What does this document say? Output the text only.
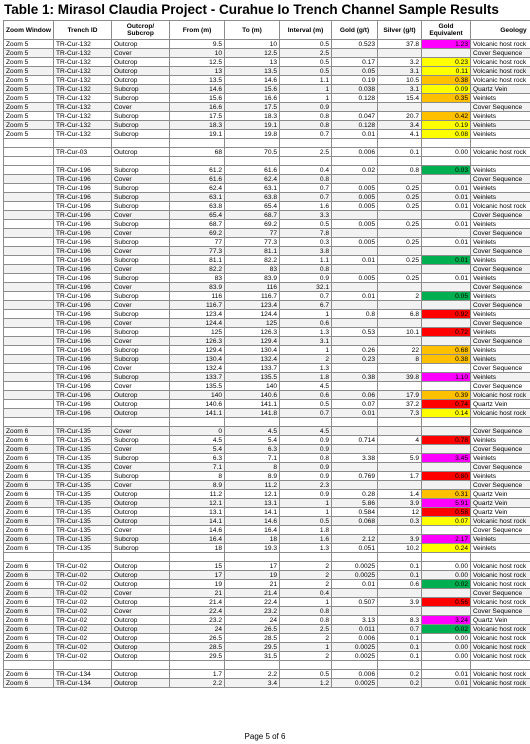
Table 1: Mirasol Claudia Project - Curahue Io Trench Channel Sample Results
Zoom Window	Trench ID	Outcrop/ Subcrop	From (m)	To (m)	Interval (m)	Gold (g/t)	Silver (g/t)	Gold Equivalent	Geology
Zoom 5	TR-Cur-132	Outcrop	9.5	10	0.5	0.523	37.8	1.23	Volcanic host rock
Zoom 5	TR-Cur-132	Cover	10	12.5	2.5				Cover Sequence
Zoom 5	TR-Cur-132	Outcrop	12.5	13	0.5	0.17	3.2	0.23	Volcanic host rock
Zoom 5	TR-Cur-132	Outcrop	13	13.5	0.5	0.05	3.1	0.11	Volcanic host rock
Zoom 5	TR-Cur-132	Outcrop	13.5	14.6	1.1	0.19	10.5	0.38	Volcanic host rock
Zoom 5	TR-Cur-132	Subcrop	14.6	15.6	1	0.038	3.1	0.09	Quartz Vein
Zoom 5	TR-Cur-132	Subcrop	15.6	16.6	1	0.128	15.4	0.35	Veinlets
Zoom 5	TR-Cur-132	Cover	16.6	17.5	0.9				Cover Sequence
Zoom 5	TR-Cur-132	Subcrop	17.5	18.3	0.8	0.047	20.7	0.42	Veinlets
Zoom 5	TR-Cur-132	Subcrop	18.3	19.1	0.8	0.128	3.4	0.19	Veinlets
Zoom 5	TR-Cur-132	Subcrop	19.1	19.8	0.7	0.01	4.1	0.08	Veinlets

	TR-Cur-03	Outcrop	68	70.5	2.5	0.006	0.1	0.00	Volcanic host rock

	TR-Cur-196	Subcrop	61.2	61.6	0.4	0.02	0.8	0.03	Veinlets
	TR-Cur-196	Cover	61.6	62.4	0.8				Cover Sequence
	TR-Cur-196	Subcrop	62.4	63.1	0.7	0.005	0.25	0.01	Veinlets
	TR-Cur-196	Subcrop	63.1	63.8	0.7	0.005	0.25	0.01	Veinlets
	TR-Cur-196	Subcrop	63.8	65.4	1.6	0.005	0.25	0.01	Volcanic host rock
	TR-Cur-196	Cover	65.4	68.7	3.3				Cover Sequence
	TR-Cur-196	Subcrop	68.7	69.2	0.5	0.005	0.25	0.01	Veinlets
	TR-Cur-196	Cover	69.2	77	7.8				Cover Sequence
	TR-Cur-196	Subcrop	77	77.3	0.3	0.005	0.25	0.01	Veinlets
	TR-Cur-196	Cover	77.3	81.1	3.8				Cover Sequence
	TR-Cur-196	Subcrop	81.1	82.2	1.1	0.01	0.25	0.01	Veinlets
	TR-Cur-196	Cover	82.2	83	0.8				Cover Sequence
	TR-Cur-196	Subcrop	83	83.9	0.9	0.005	0.25	0.01	Veinlets
	TR-Cur-196	Cover	83.9	116	32.1				Cover Sequence
	TR-Cur-196	Subcrop	116	116.7	0.7	0.01	2	0.05	Veinlets
	TR-Cur-196	Cover	116.7	123.4	6.7				Cover Sequence
	TR-Cur-196	Subcrop	123.4	124.4	1	0.8	6.8	0.92	Veinlets
	TR-Cur-196	Cover	124.4	125	0.6				Cover Sequence
	TR-Cur-196	Subcrop	125	126.3	1.3	0.53	10.1	0.72	Veinlets
	TR-Cur-196	Cover	126.3	129.4	3.1				Cover Sequence
	TR-Cur-196	Subcrop	129.4	130.4	1	0.26	22	0.68	Veinlets
	TR-Cur-196	Subcrop	130.4	132.4	2	0.23	8	0.38	Veinlets
	TR-Cur-196	Cover	132.4	133.7	1.3				Cover Sequence
	TR-Cur-196	Subcrop	133.7	135.5	1.8	0.38	39.8	1.10	Veinlets
	TR-Cur-196	Cover	135.5	140	4.5				Cover Sequence
	TR-Cur-196	Outcrop	140	140.6	0.6	0.06	17.9	0.39	Volcanic host rock
	TR-Cur-196	Outcrop	140.6	141.1	0.5	0.07	37.2	0.74	Quartz Vein
	TR-Cur-196	Outcrop	141.1	141.8	0.7	0.01	7.3	0.14	Volcanic host rock

Zoom 6	TR-Cur-135	Cover	0	4.5	4.5				Cover Sequence
Zoom 6	TR-Cur-135	Subcrop	4.5	5.4	0.9	0.714	4	0.78	Veinlets
Zoom 6	TR-Cur-135	Cover	5.4	6.3	0.9				Cover Sequence
Zoom 6	TR-Cur-135	Subcrop	6.3	7.1	0.8	3.38	5.9	3.45	Veinlets
Zoom 6	TR-Cur-135	Cover	7.1	8	0.9				Cover Sequence
Zoom 6	TR-Cur-135	Subcrop	8	8.9	0.9	0.769	1.7	0.80	Veinlets
Zoom 6	TR-Cur-135	Cover	8.9	11.2	2.3				Cover Sequence
Zoom 6	TR-Cur-135	Outcrop	11.2	12.1	0.9	0.28	1.4	0.31	Quartz Vein
Zoom 6	TR-Cur-135	Outcrop	12.1	13.1	1	5.86	3.9	5.91	Quartz Vein
Zoom 6	TR-Cur-135	Outcrop	13.1	14.1	1	0.584	12	0.58	Quartz Vein
Zoom 6	TR-Cur-135	Outcrop	14.1	14.6	0.5	0.068	0.3	0.07	Volcanic host rock
Zoom 6	TR-Cur-135	Cover	14.6	16.4	1.8				Cover Sequence
Zoom 6	TR-Cur-135	Subcrop	16.4	18	1.6	2.12	3.9	2.17	Veinlets
Zoom 6	TR-Cur-135	Subcrop	18	19.3	1.3	0.051	10.2	0.24	Veinlets

Zoom 6	TR-Cur-02	Outcrop	15	17	2	0.0025	0.1	0.00	Volcanic host rock
Zoom 6	TR-Cur-02	Outcrop	17	19	2	0.0025	0.1	0.00	Volcanic host rock
Zoom 6	TR-Cur-02	Outcrop	19	21	2	0.01	0.6	0.02	Volcanic host rock
Zoom 6	TR-Cur-02	Cover	21	21.4	0.4				Cover Sequence
Zoom 6	TR-Cur-02	Outcrop	21.4	22.4	1	0.507	3.9	0.56	Volcanic host rock
Zoom 6	TR-Cur-02	Cover	22.4	23.2	0.8				Cover Sequence
Zoom 6	TR-Cur-02	Outcrop	23.2	24	0.8	3.13	8.3	3.24	Quartz Vein
Zoom 6	TR-Cur-02	Outcrop	24	26.5	2.5	0.011	0.7	0.02	Volcanic host rock
Zoom 6	TR-Cur-02	Outcrop	26.5	28.5	2	0.006	0.1	0.00	Volcanic host rock
Zoom 6	TR-Cur-02	Outcrop	28.5	29.5	1	0.0025	0.1	0.00	Volcanic host rock
Zoom 6	TR-Cur-02	Outcrop	29.5	31.5	2	0.0025	0.1	0.00	Volcanic host rock

Zoom 6	TR-Cur-134	Outcrop	1.7	2.2	0.5	0.006	0.2	0.01	Volcanic host rock
Zoom 6	TR-Cur-134	Outcrop	2.2	3.4	1.2	0.0025	0.2	0.01	Volcanic host rock
Page 5 of 6
